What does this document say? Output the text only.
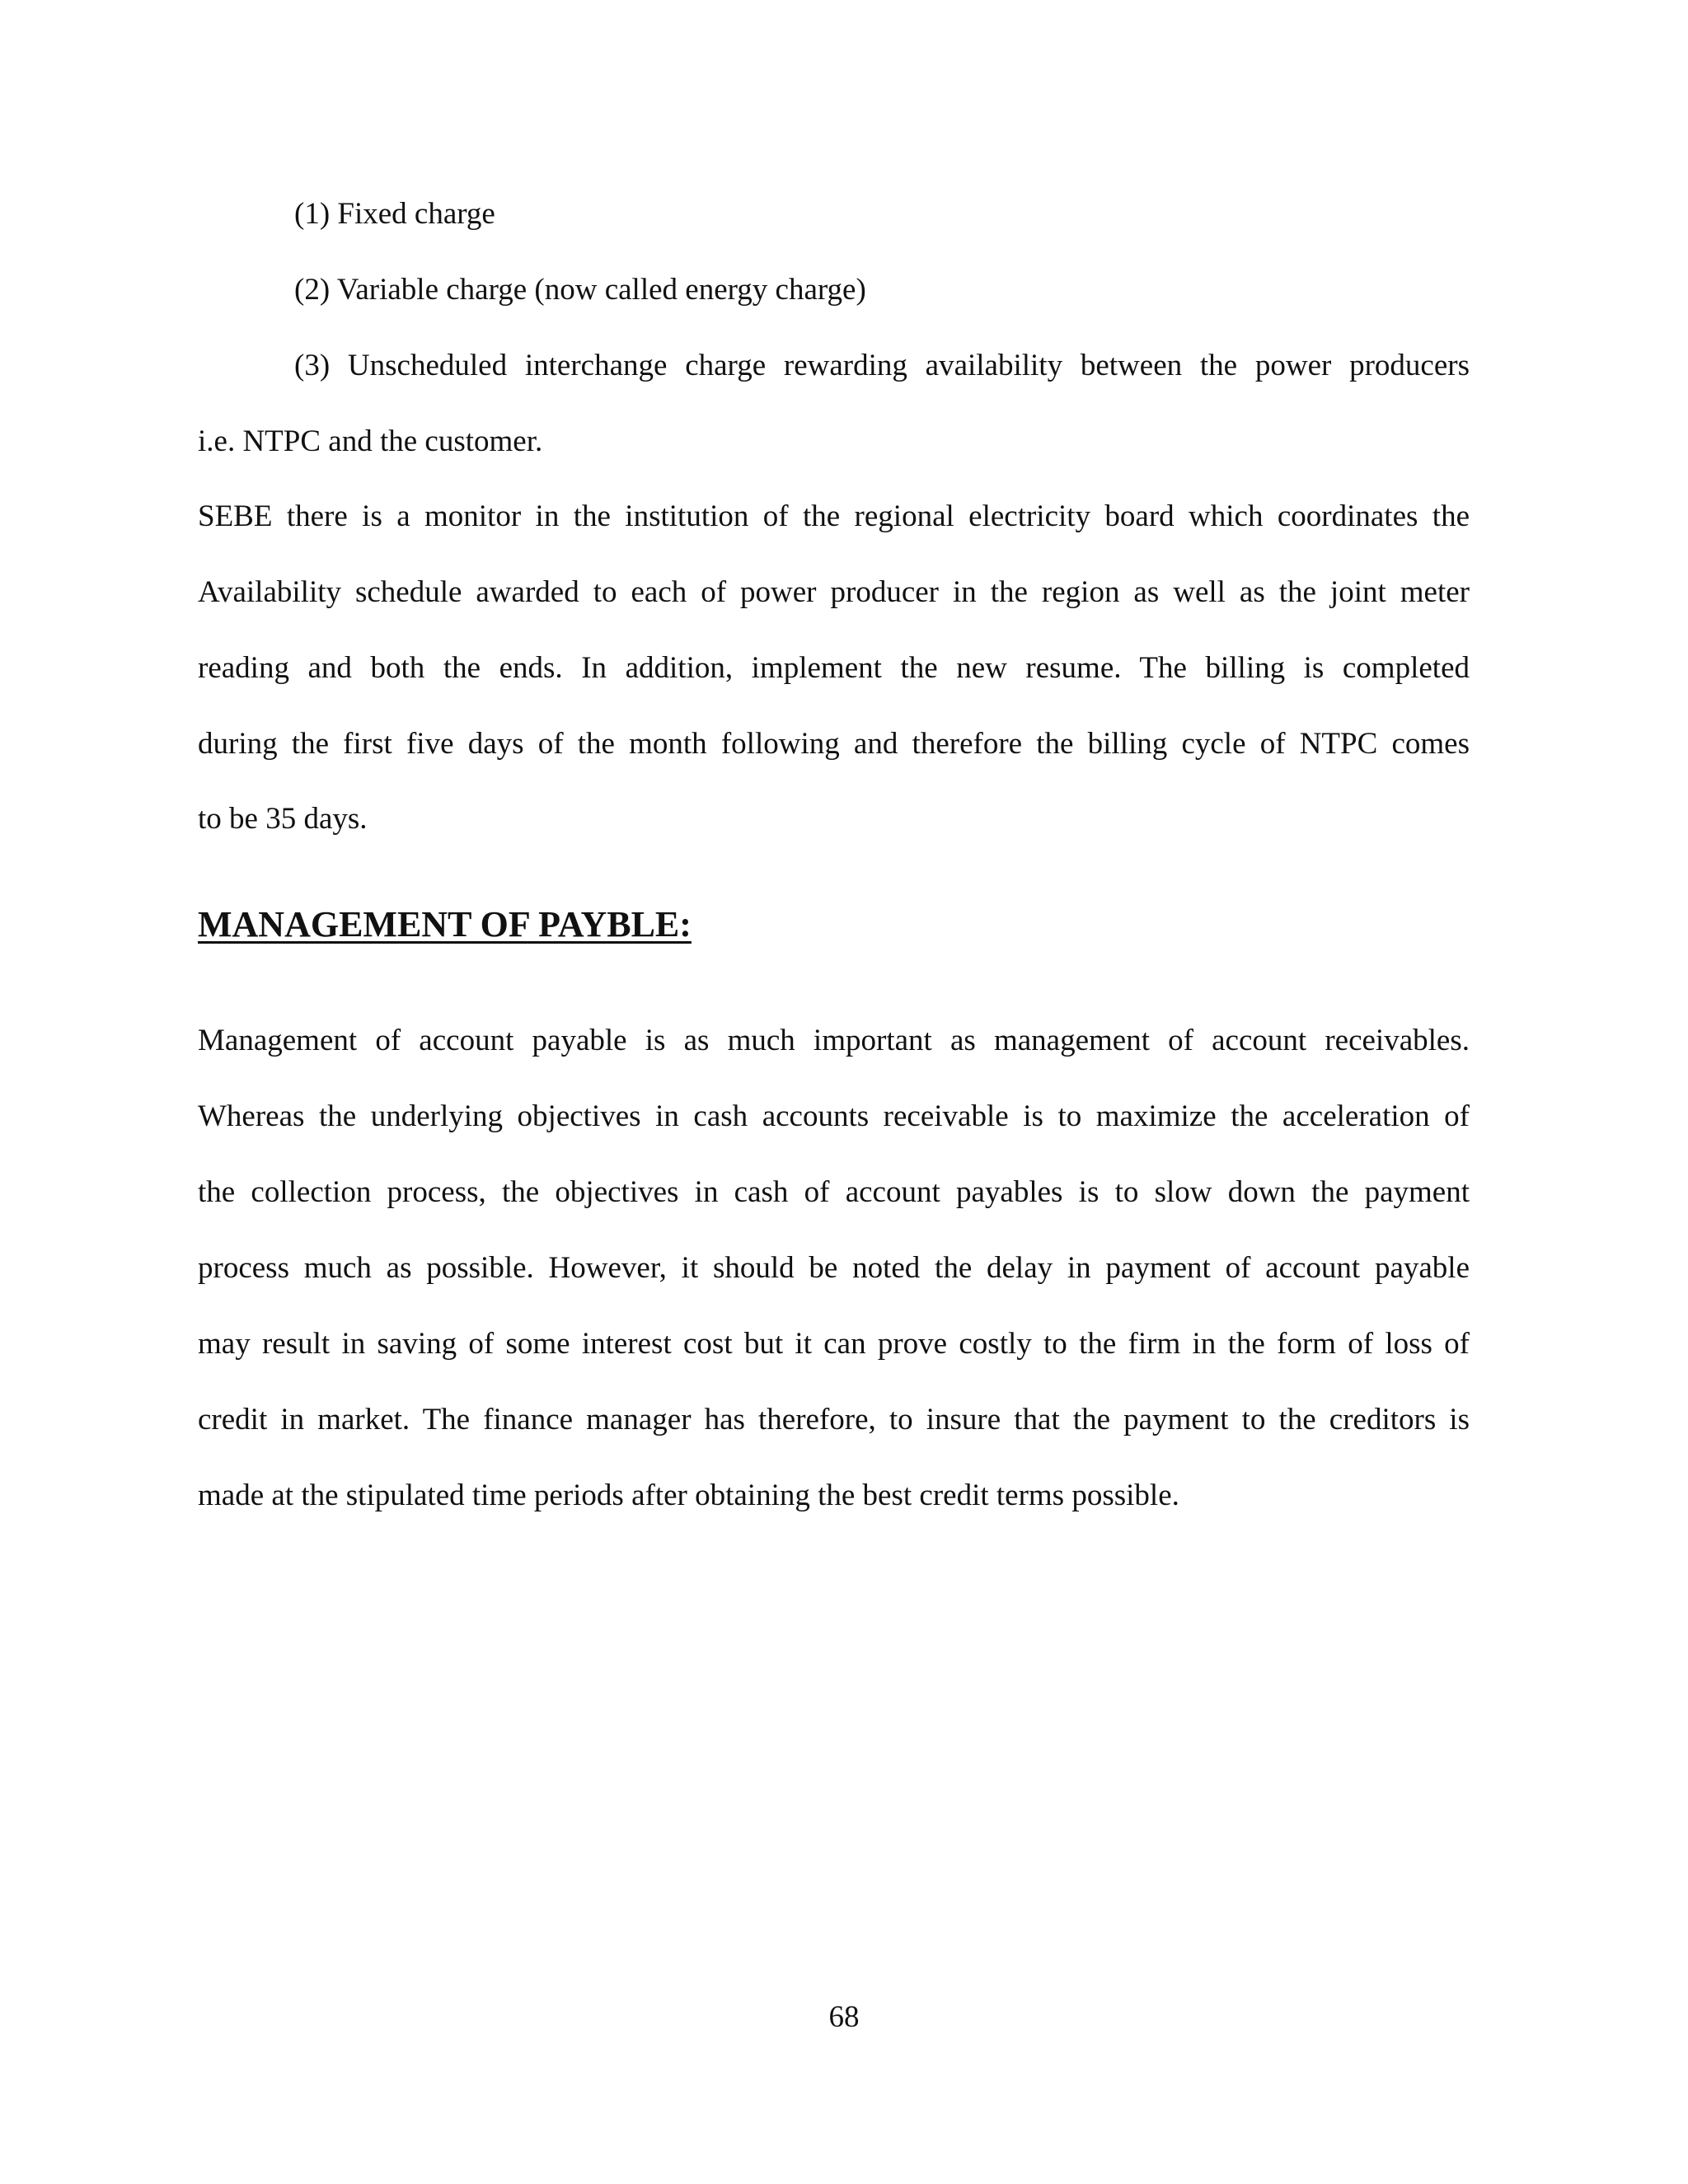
(1) Fixed charge
(2) Variable charge (now called energy charge)
(3) Unscheduled interchange charge rewarding availability between the power producers
i.e. NTPC and the customer.
SEBE there is a monitor in the institution of the regional electricity board which coordinates the
Availability schedule awarded to each of power producer in the region as well as the joint meter
reading and both the ends. In addition, implement the new resume. The billing is completed
during the first five days of the month following and therefore the billing cycle of NTPC comes
to be 35 days.
MANAGEMENT OF PAYBLE:
Management of account payable is as much important as management of account receivables.
Whereas the underlying objectives in cash accounts receivable is to maximize the acceleration of
the collection process, the objectives in cash of account payables is to slow down the payment
process much as possible. However, it should be noted the delay in payment of account payable
may result in saving of some interest cost but it can prove costly to the firm in the form of loss of
credit in market. The finance manager has therefore, to insure that the payment to the creditors is
made at the stipulated time periods after obtaining the best credit terms possible.
68
